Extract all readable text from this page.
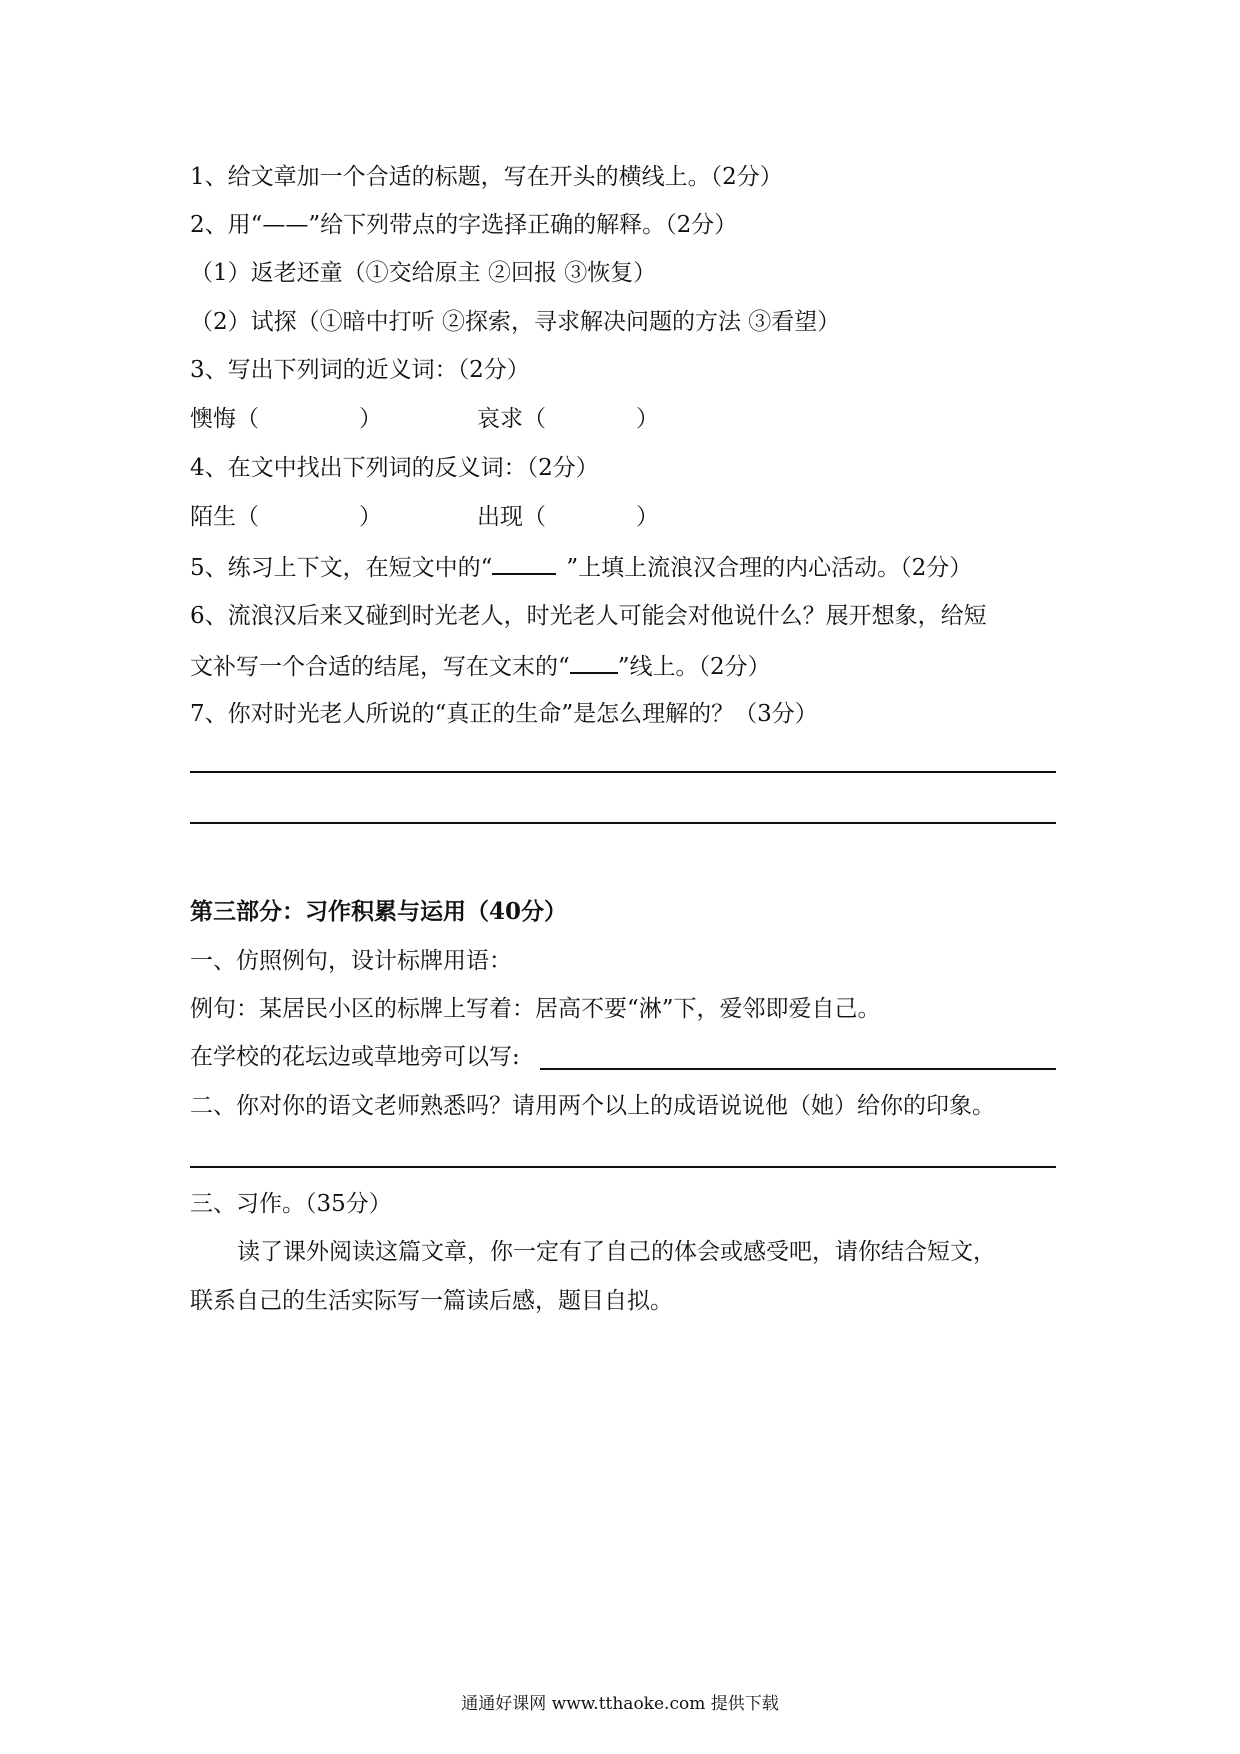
1、给文章加一个合适的标题，写在开头的横线上。（2分）
2、用“——”给下列带点的字选择正确的解释。（2分）
（1）返老还童（①交给原主 ②回报 ③恢复）
（2）试探（①暗中打听 ②探索，寻求解决问题的方法 ③看望）
3、写出下列词的近义词：（2分）
懊悔（	）	哀求（	）
4、在文中找出下列词的反义词：（2分）
陌生（	）	出现（	）
5、练习上下文，在短文中的“	”上填上流浪汉合理的内心活动。（2分）
6、流浪汉后来又碰到时光老人，时光老人可能会对他说什么？展开想象，给短
文补写一个合适的结尾，写在文末的“ ”线上。（2分）
7、你对时光老人所说的“真正的生命”是怎么理解的？（3分）
第三部分：习作积累与运用（40分）
一、仿照例句，设计标牌用语：
例句：某居民小区的标牌上写着：居高不要“淋”下，爱邻即爱自己。
在学校的花坛边或草地旁可以写:
二、你对你的语文老师熟悉吗？请用两个以上的成语说说他（她）给你的印象。
三、习作。（35分）
读了课外阅读这篇文章，你一定有了自己的体会或感受吧，请你结合短文，
联系自己的生活实际写一篇读后感，题目自拟。
通通好课网 www.tthaoke.com 提供下载
